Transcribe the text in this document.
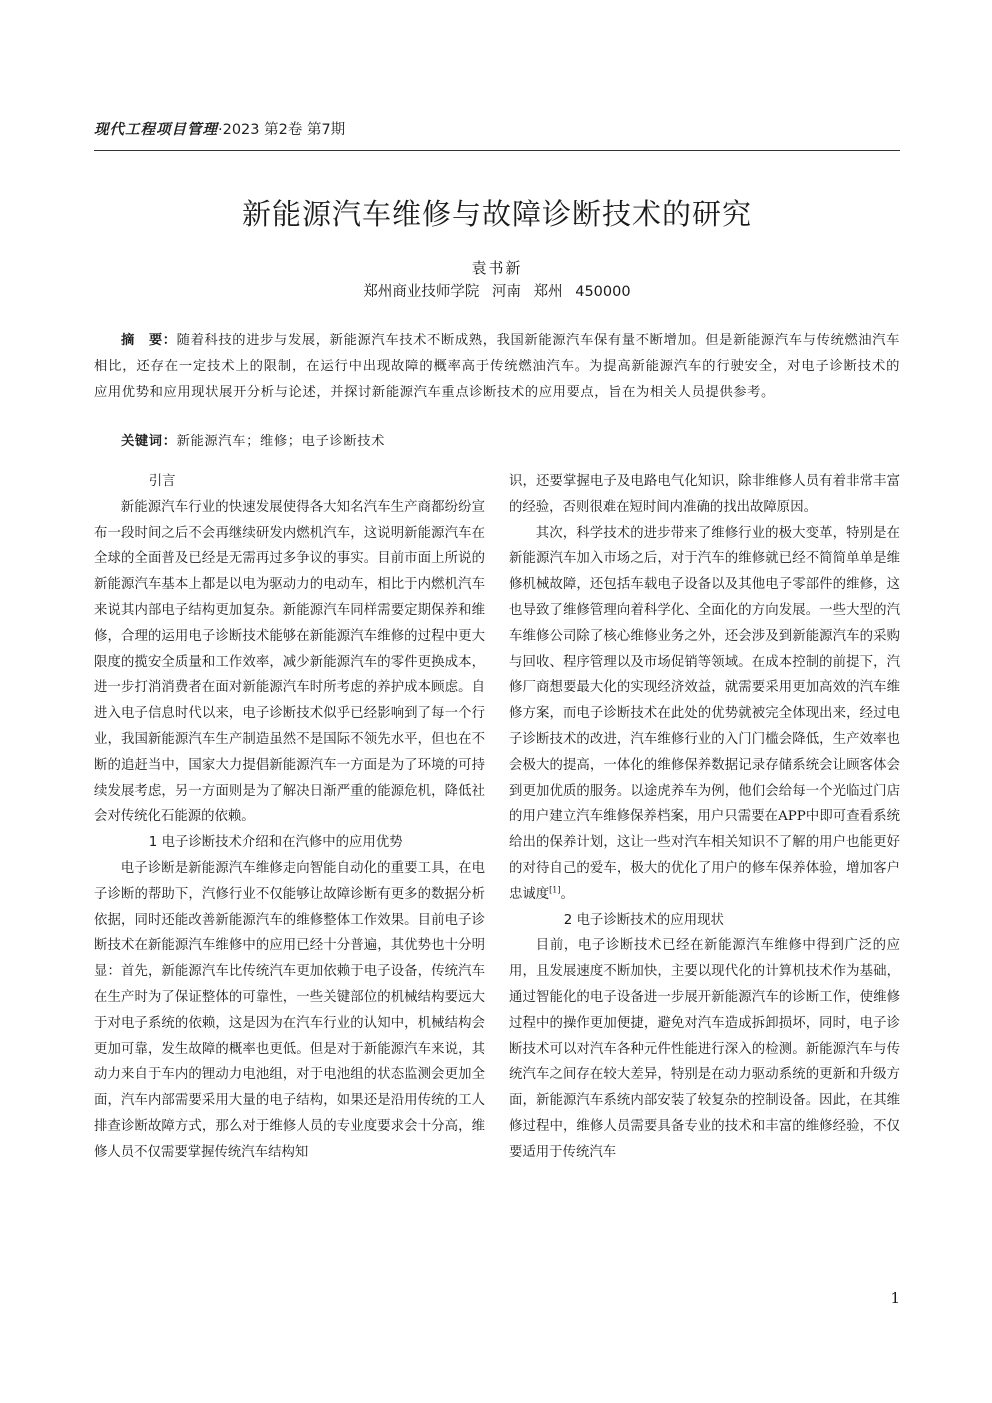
现代工程项目管理·2023 第2卷 第7期
新能源汽车维修与故障诊断技术的研究
袁书新
郑州商业技师学院 河南 郑州 450000
摘　要：随着科技的进步与发展，新能源汽车技术不断成熟，我国新能源汽车保有量不断增加。但是新能源汽车与传统燃油汽车相比，还存在一定技术上的限制，在运行中出现故障的概率高于传统燃油汽车。为提高新能源汽车的行驶安全，对电子诊断技术的应用优势和应用现状展开分析与论述，并探讨新能源汽车重点诊断技术的应用要点，旨在为相关人员提供参考。
关键词：新能源汽车；维修；电子诊断技术

引言

新能源汽车行业的快速发展使得各大知名汽车生产商都纷纷宣布一段时间之后不会再继续研发内燃机汽车，这说明新能源汽车在全球的全面普及已经是无需再过多争议的事实。目前市面上所说的新能源汽车基本上都是以电为驱动力的电动车，相比于内燃机汽车来说其内部电子结构更加复杂。新能源汽车同样需要定期保养和维修，合理的运用电子诊断技术能够在新能源汽车维修的过程中更大限度的揽安全质量和工作效率，减少新能源汽车的零件更换成本，进一步打消消费者在面对新能源汽车时所考虑的养护成本顾虑。自进入电子信息时代以来，电子诊断技术似乎已经影响到了每一个行业，我国新能源汽车生产制造虽然不是国际不领先水平，但也在不断的追赶当中，国家大力提倡新能源汽车一方面是为了环境的可持续发展考虑，另一方面则是为了解决日渐严重的能源危机，降低社会对传统化石能源的依赖。

1 电子诊断技术介绍和在汽修中的应用优势

电子诊断是新能源汽车维修走向智能自动化的重要工具，在电子诊断的帮助下，汽修行业不仅能够让故障诊断有更多的数据分析依据，同时还能改善新能源汽车的维修整体工作效果。目前电子诊断技术在新能源汽车维修中的应用已经十分普遍，其优势也十分明显：首先，新能源汽车比传统汽车更加依赖于电子设备，传统汽车在生产时为了保证整体的可靠性，一些关键部位的机械结构要远大于对电子系统的依赖，这是因为在汽车行业的认知中，机械结构会更加可靠，发生故障的概率也更低。但是对于新能源汽车来说，其动力来自于车内的锂动力电池组，对于电池组的状态监测会更加全面，汽车内部需要采用大量的电子结构，如果还是沿用传统的工人排查诊断故障方式，那么对于维修人员的专业度要求会十分高，维修人员不仅需要掌握传统汽车结构知

识，还要掌握电子及电路电气化知识，除非维修人员有着非常丰富的经验，否则很难在短时间内准确的找出故障原因。

其次，科学技术的进步带来了维修行业的极大变革，特别是在新能源汽车加入市场之后，对于汽车的维修就已经不简简单单是维修机械故障，还包括车载电子设备以及其他电子零部件的维修，这也导致了维修管理向着科学化、全面化的方向发展。一些大型的汽车维修公司除了核心维修业务之外，还会涉及到新能源汽车的采购与回收、程序管理以及市场促销等领域。在成本控制的前提下，汽修厂商想要最大化的实现经济效益，就需要采用更加高效的汽车维修方案，而电子诊断技术在此处的优势就被完全体现出来，经过电子诊断技术的改进，汽车维修行业的入门门槛会降低，生产效率也会极大的提高，一体化的维修保养数据记录存储系统会让顾客体会到更加优质的服务。以途虎养车为例，他们会给每一个光临过门店的用户建立汽车维修保养档案，用户只需要在APP中即可查看系统给出的保养计划，这让一些对汽车相关知识不了解的用户也能更好的对待自己的爱车，极大的优化了用户的修车保养体验，增加客户忠诚度[1]。

2 电子诊断技术的应用现状

目前，电子诊断技术已经在新能源汽车维修中得到广泛的应用，且发展速度不断加快，主要以现代化的计算机技术作为基础，通过智能化的电子设备进一步展开新能源汽车的诊断工作，使维修过程中的操作更加便捷，避免对汽车造成拆卸损坏，同时，电子诊断技术可以对汽车各种元件性能进行深入的检测。新能源汽车与传统汽车之间存在较大差异，特别是在动力驱动系统的更新和升级方面，新能源汽车系统内部安装了较复杂的控制设备。因此，在其维修过程中，维修人员需要具备专业的技术和丰富的维修经验，不仅要适用于传统汽车

1
